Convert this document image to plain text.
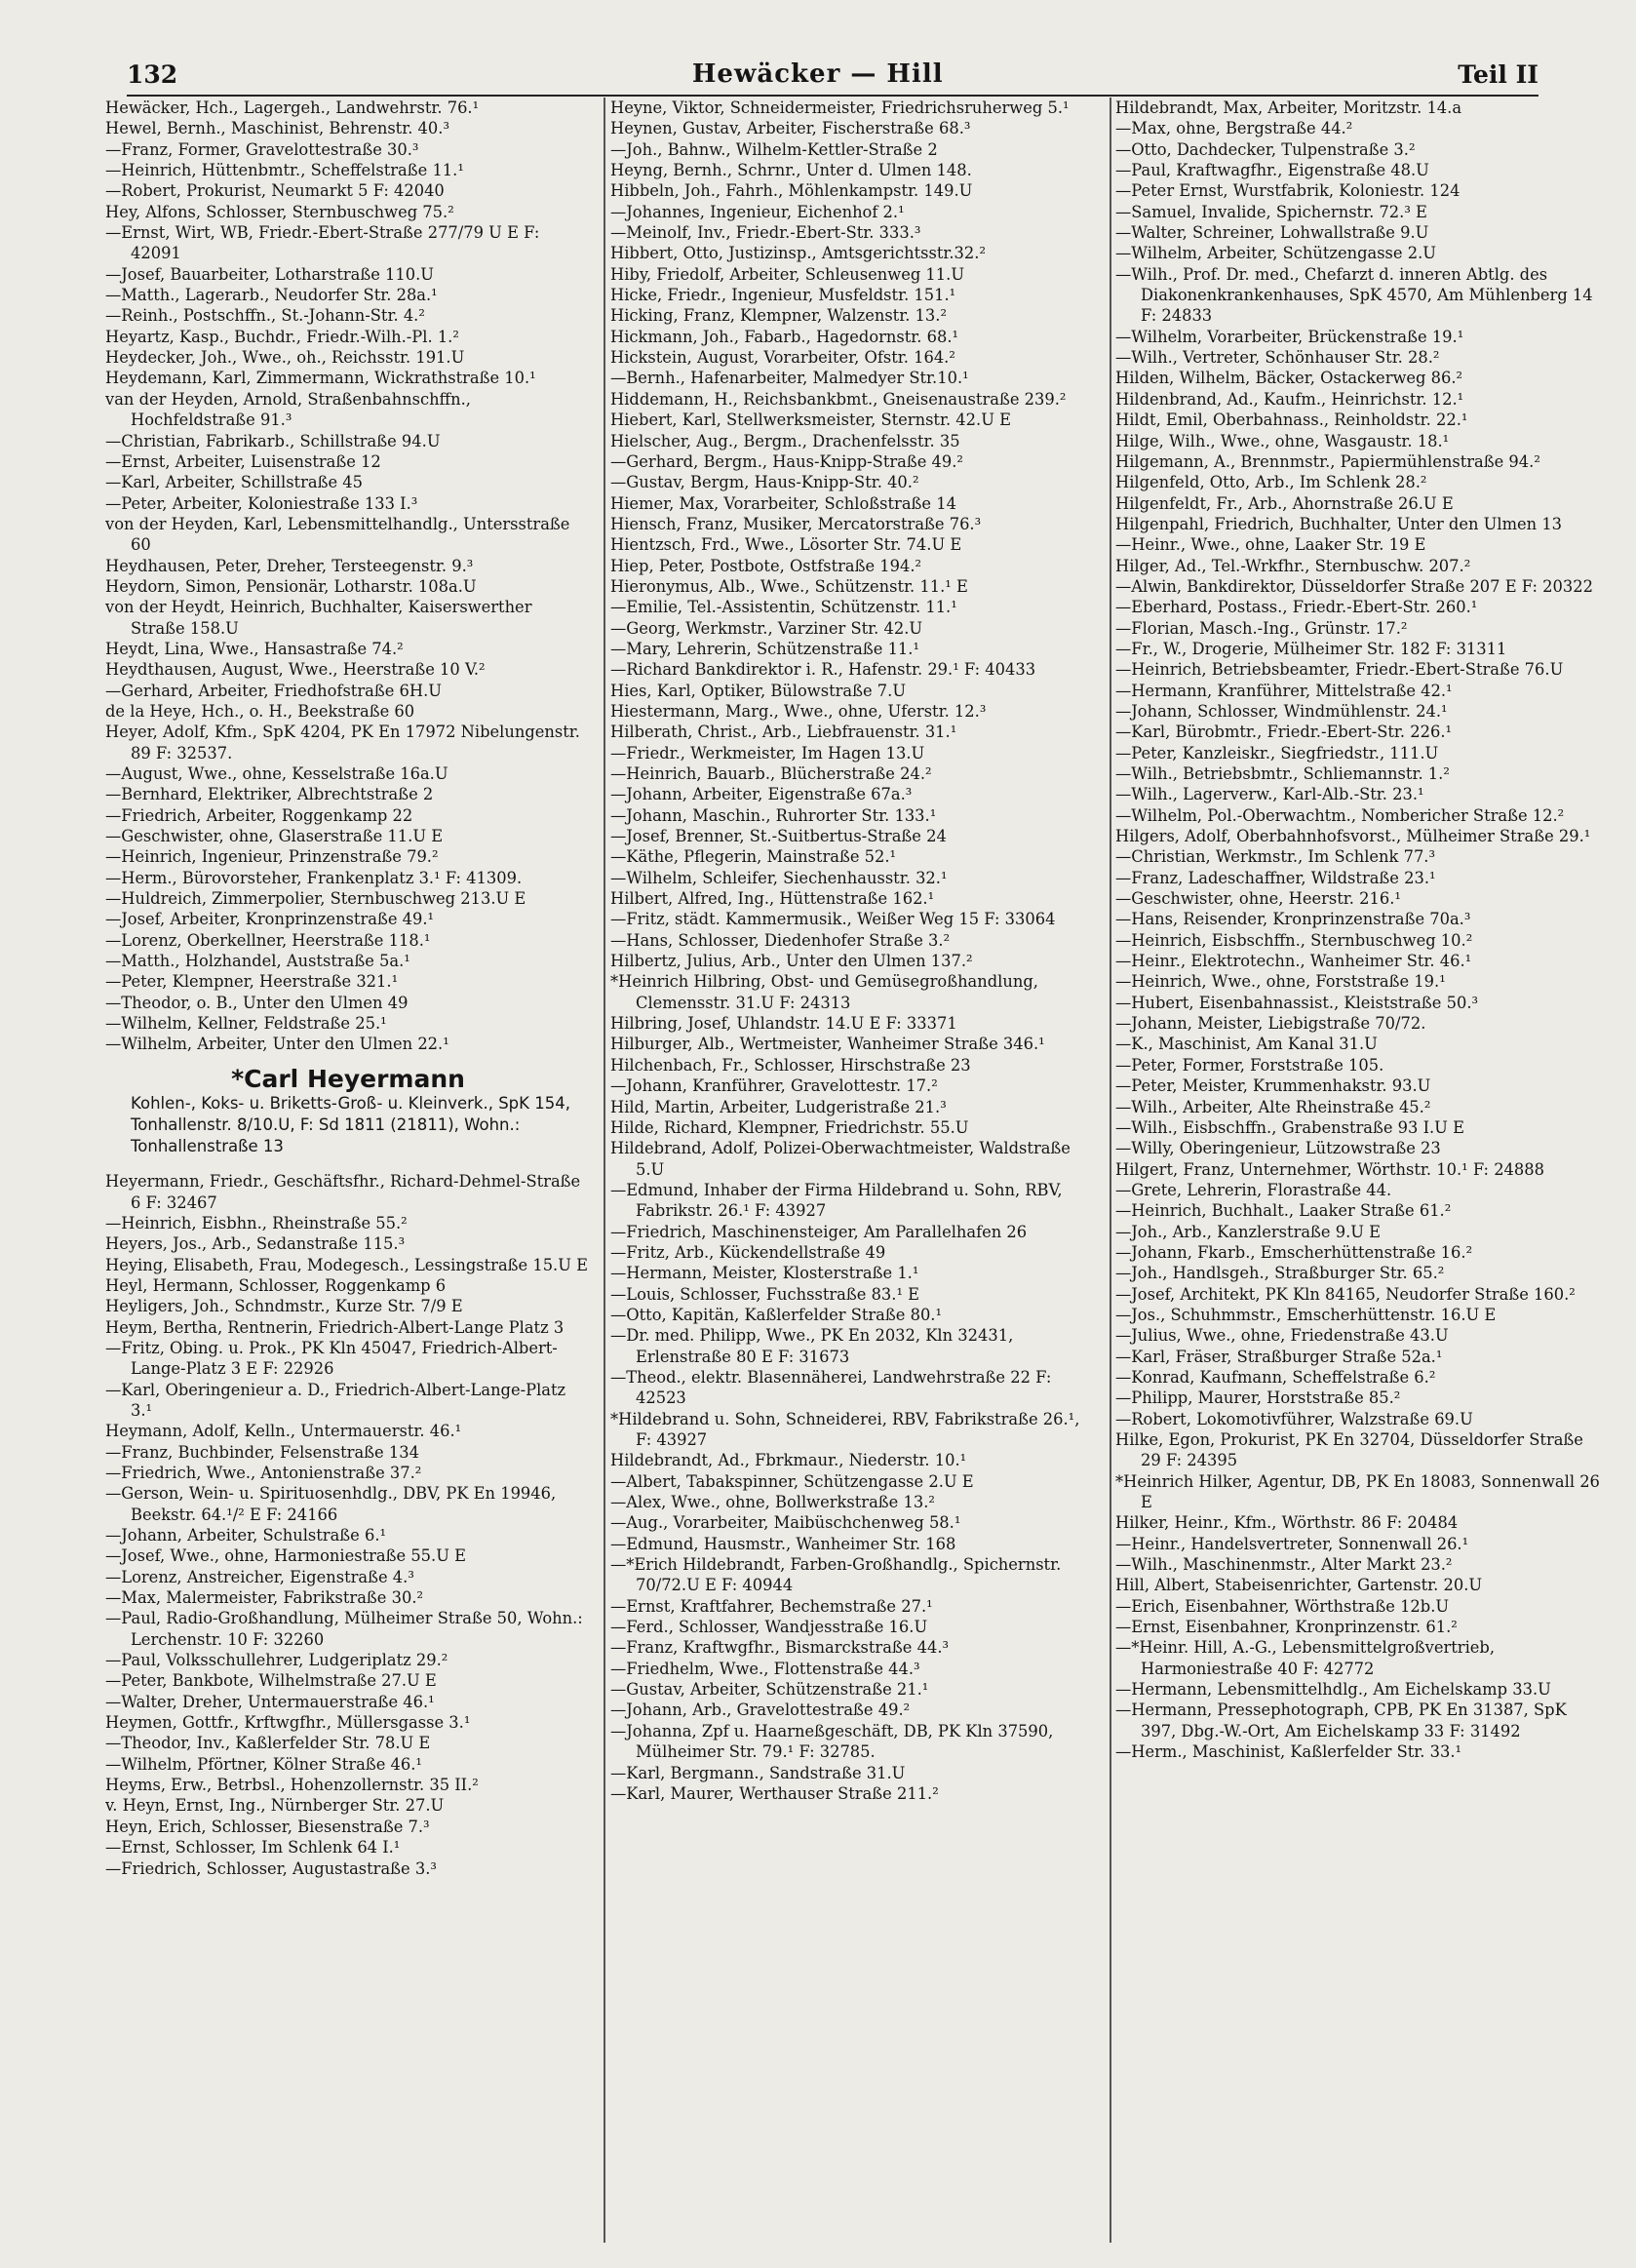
132	Hewäcker — Hill	Teil II

Hewäcker, Hch., Lagergeh., Landwehrstr. 76.¹

Hewel, Bernh., Maschinist, Behrenstr. 40.³

—Franz, Former, Gravelottestraße 30.³

—Heinrich, Hüttenbmtr., Scheffelstraße 11.¹

—Robert, Prokurist, Neumarkt 5 F: 42040

Hey, Alfons, Schlosser, Sternbuschweg 75.²

—Ernst, Wirt, WB, Friedr.-Ebert-Straße 277/79 U E F: 42091

—Josef, Bauarbeiter, Lotharstraße 110.U

—Matth., Lagerarb., Neudorfer Str. 28a.¹

—Reinh., Postschffn., St.-Johann-Str. 4.²

Heyartz, Kasp., Buchdr., Friedr.-Wilh.-Pl. 1.²

Heydecker, Joh., Wwe., oh., Reichsstr. 191.U

Heydemann, Karl, Zimmermann, Wickrathstraße 10.¹

van der Heyden, Arnold, Straßenbahnschffn., Hochfeldstraße 91.³

—Christian, Fabrikarb., Schillstraße 94.U

—Ernst, Arbeiter, Luisenstraße 12

—Karl, Arbeiter, Schillstraße 45

—Peter, Arbeiter, Koloniestraße 133 I.³

von der Heyden, Karl, Lebensmittelhandlg., Untersstraße 60

Heydhausen, Peter, Dreher, Tersteegenstr. 9.³

Heydorn, Simon, Pensionär, Lotharstr. 108a.U

von der Heydt, Heinrich, Buchhalter, Kaiserswerther Straße 158.U

Heydt, Lina, Wwe., Hansastraße 74.²

Heydthausen, August, Wwe., Heerstraße 10 V.²

—Gerhard, Arbeiter, Friedhofstraße 6H.U

de la Heye, Hch., o. H., Beekstraße 60

Heyer, Adolf, Kfm., SpK 4204, PK En 17972 Nibelungenstr. 89 F: 32537.

—August, Wwe., ohne, Kesselstraße 16a.U

—Bernhard, Elektriker, Albrechtstraße 2

—Friedrich, Arbeiter, Roggenkamp 22

—Geschwister, ohne, Glaserstraße 11.U E

—Heinrich, Ingenieur, Prinzenstraße 79.²

—Herm., Bürovorsteher, Frankenplatz 3.¹ F: 41309.

—Huldreich, Zimmerpolier, Sternbuschweg 213.U E

—Josef, Arbeiter, Kronprinzenstraße 49.¹

—Lorenz, Oberkellner, Heerstraße 118.¹

—Matth., Holzhandel, Auststraße 5a.¹

—Peter, Klempner, Heerstraße 321.¹

—Theodor, o. B., Unter den Ulmen 49

—Wilhelm, Kellner, Feldstraße 25.¹

—Wilhelm, Arbeiter, Unter den Ulmen 22.¹

*Carl Heyermann
Kohlen-, Koks- u. Briketts-Groß- u. Kleinverk., SpK 154, Tonhallenstr. 8/10.U, F: Sd 1811 (21811), Wohn.: Tonhallenstraße 13

Heyermann, Friedr., Geschäftsfhr., Richard-Dehmel-Straße 6 F: 32467

—Heinrich, Eisbhn., Rheinstraße 55.²

Heyers, Jos., Arb., Sedanstraße 115.³

Heying, Elisabeth, Frau, Modegesch., Lessingstraße 15.U E

Heyl, Hermann, Schlosser, Roggenkamp 6

Heyligers, Joh., Schndmstr., Kurze Str. 7/9 E

Heym, Bertha, Rentnerin, Friedrich-Albert-Lange Platz 3

—Fritz, Obing. u. Prok., PK Kln 45047, Friedrich-Albert-Lange-Platz 3 E F: 22926

—Karl, Oberingenieur a. D., Friedrich-Albert-Lange-Platz 3.¹

Heymann, Adolf, Kelln., Untermauerstr. 46.¹

—Franz, Buchbinder, Felsenstraße 134

—Friedrich, Wwe., Antonienstraße 37.²

—Gerson, Wein- u. Spirituosenhdlg., DBV, PK En 19946, Beekstr. 64.¹/² E F: 24166

—Johann, Arbeiter, Schulstraße 6.¹

—Josef, Wwe., ohne, Harmoniestraße 55.U E

—Lorenz, Anstreicher, Eigenstraße 4.³

—Max, Malermeister, Fabrikstraße 30.²

—Paul, Radio-Großhandlung, Mülheimer Straße 50, Wohn.: Lerchenstr. 10 F: 32260

—Paul, Volksschullehrer, Ludgeriplatz 29.²

—Peter, Bankbote, Wilhelmstraße 27.U E

—Walter, Dreher, Untermauerstraße 46.¹

Heymen, Gottfr., Krftwgfhr., Müllersgasse 3.¹

—Theodor, Inv., Kaßlerfelder Str. 78.U E

—Wilhelm, Pförtner, Kölner Straße 46.¹

Heyms, Erw., Betrbsl., Hohenzollernstr. 35 II.²

v. Heyn, Ernst, Ing., Nürnberger Str. 27.U

Heyn, Erich, Schlosser, Biesenstraße 7.³

—Ernst, Schlosser, Im Schlenk 64 I.¹

—Friedrich, Schlosser, Augustastraße 3.³

Heyne, Viktor, Schneidermeister, Friedrichsruherweg 5.¹

Heynen, Gustav, Arbeiter, Fischerstraße 68.³

—Joh., Bahnw., Wilhelm-Kettler-Straße 2

Heyng, Bernh., Schrnr., Unter d. Ulmen 148.

Hibbeln, Joh., Fahrh., Möhlenkampstr. 149.U

—Johannes, Ingenieur, Eichenhof 2.¹

—Meinolf, Inv., Friedr.-Ebert-Str. 333.³

Hibbert, Otto, Justizinsp., Amtsgerichtsstr.32.²

Hiby, Friedolf, Arbeiter, Schleusenweg 11.U

Hicke, Friedr., Ingenieur, Musfeldstr. 151.¹

Hicking, Franz, Klempner, Walzenstr. 13.²

Hickmann, Joh., Fabarb., Hagedornstr. 68.¹

Hickstein, August, Vorarbeiter, Ofstr. 164.²

—Bernh., Hafenarbeiter, Malmedyer Str.10.¹

Hiddemann, H., Reichsbankbmt., Gneisenaustraße 239.²

Hiebert, Karl, Stellwerksmeister, Sternstr. 42.U E

Hielscher, Aug., Bergm., Drachenfelsstr. 35

—Gerhard, Bergm., Haus-Knipp-Straße 49.²

—Gustav, Bergm, Haus-Knipp-Str. 40.²

Hiemer, Max, Vorarbeiter, Schloßstraße 14

Hiensch, Franz, Musiker, Mercatorstraße 76.³

Hientzsch, Frd., Wwe., Lösorter Str. 74.U E

Hiep, Peter, Postbote, Ostfstraße 194.²

Hieronymus, Alb., Wwe., Schützenstr. 11.¹ E

—Emilie, Tel.-Assistentin, Schützenstr. 11.¹

—Georg, Werkmstr., Varziner Str. 42.U

—Mary, Lehrerin, Schützenstraße 11.¹

—Richard Bankdirektor i. R., Hafenstr. 29.¹ F: 40433

Hies, Karl, Optiker, Bülowstraße 7.U

Hiestermann, Marg., Wwe., ohne, Uferstr. 12.³

Hilberath, Christ., Arb., Liebfrauenstr. 31.¹

—Friedr., Werkmeister, Im Hagen 13.U

—Heinrich, Bauarb., Blücherstraße 24.²

—Johann, Arbeiter, Eigenstraße 67a.³

—Johann, Maschin., Ruhrorter Str. 133.¹

—Josef, Brenner, St.-Suitbertus-Straße 24

—Käthe, Pflegerin, Mainstraße 52.¹

—Wilhelm, Schleifer, Siechenhausstr. 32.¹

Hilbert, Alfred, Ing., Hüttenstraße 162.¹

—Fritz, städt. Kammermusik., Weißer Weg 15 F: 33064

—Hans, Schlosser, Diedenhofer Straße 3.²

Hilbertz, Julius, Arb., Unter den Ulmen 137.²

*Heinrich Hilbring, Obst- und Gemüsegroßhandlung, Clemensstr. 31.U F: 24313

Hilbring, Josef, Uhlandstr. 14.U E F: 33371

Hilburger, Alb., Wertmeister, Wanheimer Straße 346.¹

Hilchenbach, Fr., Schlosser, Hirschstraße 23

—Johann, Kranführer, Gravelottestr. 17.²

Hild, Martin, Arbeiter, Ludgeristraße 21.³

Hilde, Richard, Klempner, Friedrichstr. 55.U

Hildebrand, Adolf, Polizei-Oberwachtmeister, Waldstraße 5.U

—Edmund, Inhaber der Firma Hildebrand u. Sohn, RBV, Fabrikstr. 26.¹ F: 43927

—Friedrich, Maschinensteiger, Am Parallelhafen 26

—Fritz, Arb., Kückendellstraße 49

—Hermann, Meister, Klosterstraße 1.¹

—Louis, Schlosser, Fuchsstraße 83.¹ E

—Otto, Kapitän, Kaßlerfelder Straße 80.¹

—Dr. med. Philipp, Wwe., PK En 2032, Kln 32431, Erlenstraße 80 E F: 31673

—Theod., elektr. Blasennäherei, Landwehrstraße 22 F: 42523

*Hildebrand u. Sohn, Schneiderei, RBV, Fabrikstraße 26.¹, F: 43927

Hildebrandt, Ad., Fbrkmaur., Niederstr. 10.¹

—Albert, Tabakspinner, Schützengasse 2.U E

—Alex, Wwe., ohne, Bollwerkstraße 13.²

—Aug., Vorarbeiter, Maibüschchenweg 58.¹

—Edmund, Hausmstr., Wanheimer Str. 168

—*Erich Hildebrandt, Farben-Großhandlg., Spichernstr. 70/72.U E F: 40944

—Ernst, Kraftfahrer, Bechemstraße 27.¹

—Ferd., Schlosser, Wandjesstraße 16.U

—Franz, Kraftwgfhr., Bismarckstraße 44.³

—Friedhelm, Wwe., Flottenstraße 44.³

—Gustav, Arbeiter, Schützenstraße 21.¹

—Johann, Arb., Gravelottestraße 49.²

—Johanna, Zpf u. Haarneßgeschäft, DB, PK Kln 37590, Mülheimer Str. 79.¹ F: 32785.

—Karl, Bergmann., Sandstraße 31.U

—Karl, Maurer, Werthauser Straße 211.²

Hildebrandt, Max, Arbeiter, Moritzstr. 14.a

—Max, ohne, Bergstraße 44.²

—Otto, Dachdecker, Tulpenstraße 3.²

—Paul, Kraftwagfhr., Eigenstraße 48.U

—Peter Ernst, Wurstfabrik, Koloniestr. 124

—Samuel, Invalide, Spichernstr. 72.³ E

—Walter, Schreiner, Lohwallstraße 9.U

—Wilhelm, Arbeiter, Schützengasse 2.U

—Wilh., Prof. Dr. med., Chefarzt d. inneren Abtlg. des Diakonenkrankenhauses, SpK 4570, Am Mühlenberg 14 F: 24833

—Wilhelm, Vorarbeiter, Brückenstraße 19.¹

—Wilh., Vertreter, Schönhauser Str. 28.²

Hilden, Wilhelm, Bäcker, Ostackerweg 86.²

Hildenbrand, Ad., Kaufm., Heinrichstr. 12.¹

Hildt, Emil, Oberbahnass., Reinholdstr. 22.¹

Hilge, Wilh., Wwe., ohne, Wasgaustr. 18.¹

Hilgemann, A., Brennmstr., Papiermühlenstraße 94.²

Hilgenfeld, Otto, Arb., Im Schlenk 28.²

Hilgenfeldt, Fr., Arb., Ahornstraße 26.U E

Hilgenpahl, Friedrich, Buchhalter, Unter den Ulmen 13

—Heinr., Wwe., ohne, Laaker Str. 19 E

Hilger, Ad., Tel.-Wrkfhr., Sternbuschw. 207.²

—Alwin, Bankdirektor, Düsseldorfer Straße 207 E F: 20322

—Eberhard, Postass., Friedr.-Ebert-Str. 260.¹

—Florian, Masch.-Ing., Grünstr. 17.²

—Fr., W., Drogerie, Mülheimer Str. 182 F: 31311

—Heinrich, Betriebsbeamter, Friedr.-Ebert-Straße 76.U

—Hermann, Kranführer, Mittelstraße 42.¹

—Johann, Schlosser, Windmühlenstr. 24.¹

—Karl, Bürobmtr., Friedr.-Ebert-Str. 226.¹

—Peter, Kanzleiskr., Siegfriedstr., 111.U

—Wilh., Betriebsbmtr., Schliemannstr. 1.²

—Wilh., Lagerverw., Karl-Alb.-Str. 23.¹

—Wilhelm, Pol.-Oberwachtm., Nombericher Straße 12.²

Hilgers, Adolf, Oberbahnhofsvorst., Mülheimer Straße 29.¹

—Christian, Werkmstr., Im Schlenk 77.³

—Franz, Ladeschaffner, Wildstraße 23.¹

—Geschwister, ohne, Heerstr. 216.¹

—Hans, Reisender, Kronprinzenstraße 70a.³

—Heinrich, Eisbschffn., Sternbuschweg 10.²

—Heinr., Elektrotechn., Wanheimer Str. 46.¹

—Heinrich, Wwe., ohne, Forststraße 19.¹

—Hubert, Eisenbahnassist., Kleiststraße 50.³

—Johann, Meister, Liebigstraße 70/72.

—K., Maschinist, Am Kanal 31.U

—Peter, Former, Forststraße 105.

—Peter, Meister, Krummenhakstr. 93.U

—Wilh., Arbeiter, Alte Rheinstraße 45.²

—Wilh., Eisbschffn., Grabenstraße 93 I.U E

—Willy, Oberingenieur, Lützowstraße 23

Hilgert, Franz, Unternehmer, Wörthstr. 10.¹ F: 24888

—Grete, Lehrerin, Florastraße 44.

—Heinrich, Buchhalt., Laaker Straße 61.²

—Joh., Arb., Kanzlerstraße 9.U E

—Johann, Fkarb., Emscherhüttenstraße 16.²

—Joh., Handlsgeh., Straßburger Str. 65.²

—Josef, Architekt, PK Kln 84165, Neudorfer Straße 160.²

—Jos., Schuhmmstr., Emscherhüttenstr. 16.U E

—Julius, Wwe., ohne, Friedenstraße 43.U

—Karl, Fräser, Straßburger Straße 52a.¹

—Konrad, Kaufmann, Scheffelstraße 6.²

—Philipp, Maurer, Horststraße 85.²

—Robert, Lokomotivführer, Walzstraße 69.U

Hilke, Egon, Prokurist, PK En 32704, Düsseldorfer Straße 29 F: 24395

*Heinrich Hilker, Agentur, DB, PK En 18083, Sonnenwall 26 E

Hilker, Heinr., Kfm., Wörthstr. 86 F: 20484

—Heinr., Handelsvertreter, Sonnenwall 26.¹

—Wilh., Maschinenmstr., Alter Markt 23.²

Hill, Albert, Stabeisenrichter, Gartenstr. 20.U

—Erich, Eisenbahner, Wörthstraße 12b.U

—Ernst, Eisenbahner, Kronprinzenstr. 61.²

—*Heinr. Hill, A.-G., Lebensmittelgroßvertrieb, Harmoniestraße 40 F: 42772

—Hermann, Lebensmittelhdlg., Am Eichelskamp 33.U

—Hermann, Pressephotograph, CPB, PK En 31387, SpK 397, Dbg.-W.-Ort, Am Eichelskamp 33 F: 31492

—Herm., Maschinist, Kaßlerfelder Str. 33.¹
